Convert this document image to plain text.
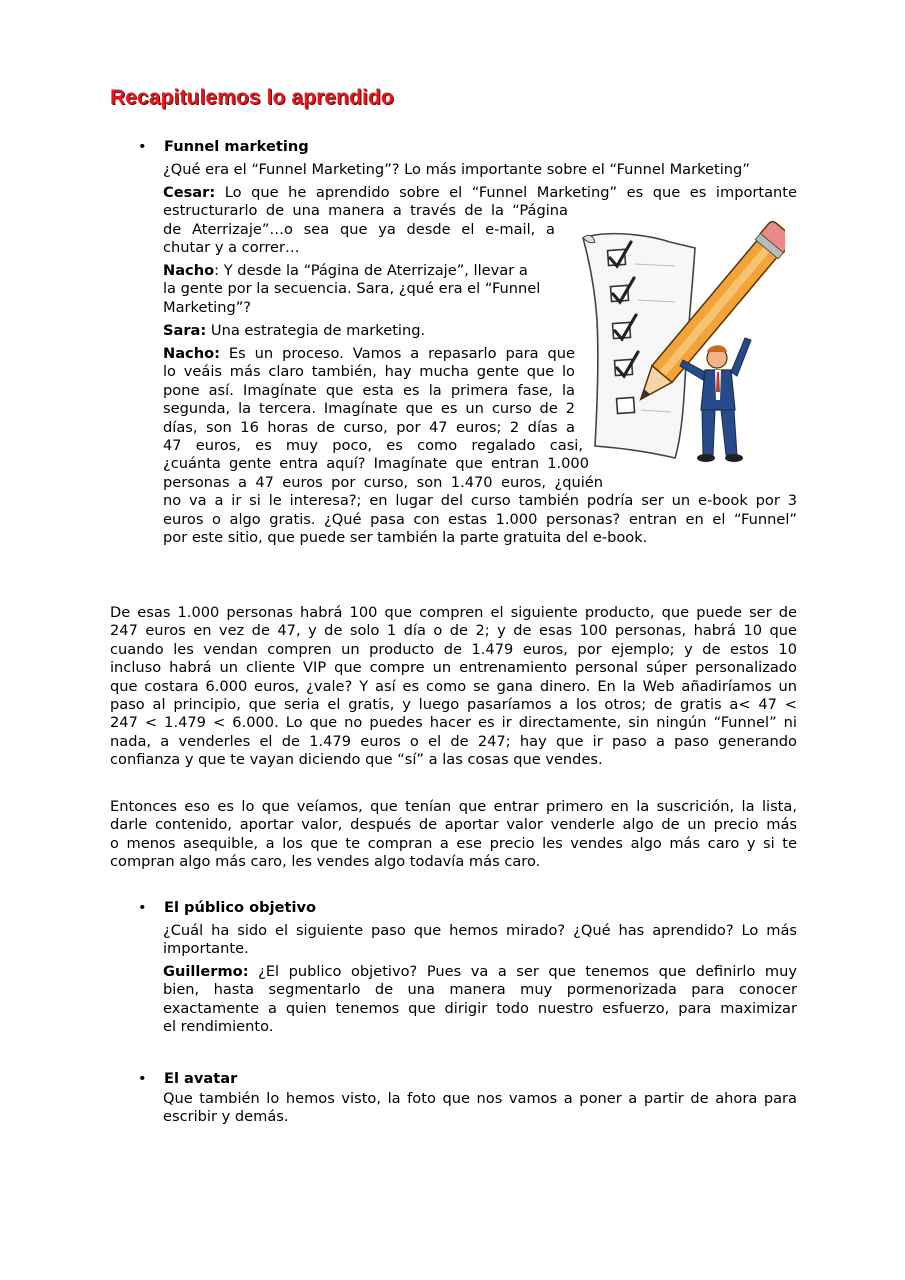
Recapitulemos lo aprendido
• Funnel marketing
¿Qué era el “Funnel Marketing”? Lo más importante sobre el “Funnel Marketing”
Cesar: Lo que he aprendido sobre el “Funnel Marketing” es que es importante
estructurarlo de una manera a través de la “Página
de Aterrizaje”…o sea que ya desde el e-mail, a
chutar y a correr…
Nacho: Y desde la “Página de Aterrizaje”, llevar a
la gente por la secuencia. Sara, ¿qué era el “Funnel
Marketing”?
Sara: Una estrategia de marketing.
Nacho: Es un proceso. Vamos a repasarlo para que
lo veáis más claro también, hay mucha gente que lo
pone así. Imagínate que esta es la primera fase, la
segunda, la tercera. Imagínate que es un curso de 2
días, son 16 horas de curso, por 47 euros; 2 días a
47 euros, es muy poco, es como regalado casi,
¿cuánta gente entra aquí? Imagínate que entran 1.000
personas a 47 euros por curso, son 1.470 euros, ¿quién
no va a ir si le interesa?; en lugar del curso también podría ser un e-book por 3
euros o algo gratis. ¿Qué pasa con estas 1.000 personas? entran en el “Funnel”
por este sitio, que puede ser también la parte gratuita del e-book.
De esas 1.000 personas habrá 100 que compren el siguiente producto, que puede ser de
247 euros en vez de 47, y de solo 1 día o de 2; y de esas 100 personas, habrá 10 que
cuando les vendan compren un producto de 1.479 euros, por ejemplo; y de estos 10
incluso habrá un cliente VIP que compre un entrenamiento personal súper personalizado
que costara 6.000 euros, ¿vale? Y así es como se gana dinero. En la Web añadiríamos un
paso al principio, que seria el gratis, y luego pasaríamos a los otros; de gratis a< 47 <
247 < 1.479 < 6.000. Lo que no puedes hacer es ir directamente, sin ningún “Funnel” ni
nada, a venderles el de 1.479 euros o el de 247; hay que ir paso a paso generando
confianza y que te vayan diciendo que “sí” a las cosas que vendes.
Entonces eso es lo que veíamos, que tenían que entrar primero en la suscrición, la lista,
darle contenido, aportar valor, después de aportar valor venderle algo de un precio más
o menos asequible, a los que te compran a ese precio les vendes algo más caro y si te
compran algo más caro, les vendes algo todavía más caro.
• El público objetivo
¿Cuál ha sido el siguiente paso que hemos mirado? ¿Qué has aprendido? Lo más
importante.
Guillermo: ¿El publico objetivo? Pues va a ser que tenemos que definirlo muy
bien, hasta segmentarlo de una manera muy pormenorizada para conocer
exactamente a quien tenemos que dirigir todo nuestro esfuerzo, para maximizar
el rendimiento.
• El avatar
Que también lo hemos visto, la foto que nos vamos a poner a partir de ahora para
escribir y demás.
